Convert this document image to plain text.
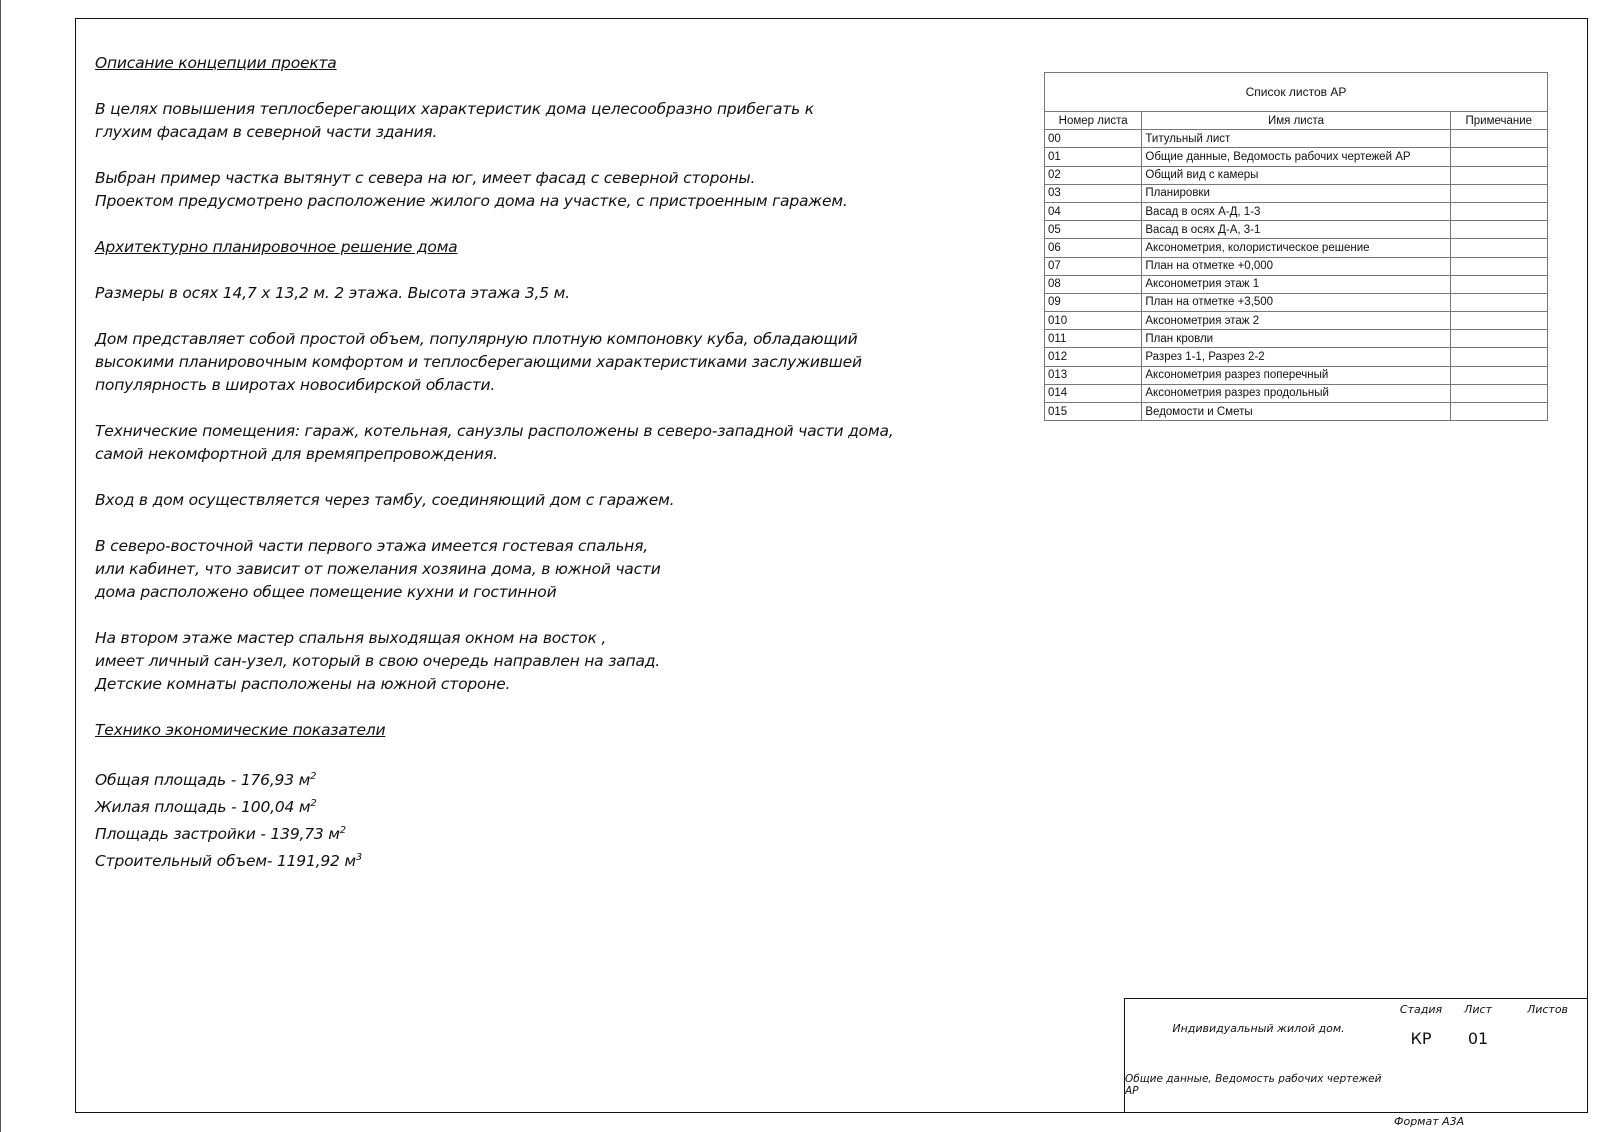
Описание концепции проекта

В целях повышения теплосберегающих характеристик дома целесообразно прибегать к

глухим фасадам в северной части здания.

Выбран пример частка вытянут с севера на юг, имеет фасад с северной стороны.

Проектом предусмотрено расположение жилого дома на участке, с пристроенным гаражем.

Архитектурно планировочное решение дома

Размеры в осях 14,7 х 13,2 м. 2 этажа. Высота этажа 3,5 м.

Дом представляет собой простой объем, популярную плотную компоновку куба, обладающий

высокими планировочным комфортом и теплосберегающими характеристиками заслужившей

популярность в широтах новосибирской области.

Технические помещения: гараж, котельная, санузлы расположены в северо-западной части дома,

самой некомфортной для времяпрепровождения.

Вход в дом осуществляется через тамбу, соединяющий дом с гаражем.

В северо-восточной части первого этажа имеется гостевая спальня,

или кабинет, что зависит от пожелания хозяина дома, в южной части

дома расположено общее помещение кухни и гостинной

На втором этаже мастер спальня выходящая окном на восток ,

имеет личный сан-узел, который в свою очередь направлен на запад.

Детские комнаты расположены на южной стороне.

Технико экономические показатели

Общая площадь - 176,93 $м^2$

Жилая площадь - 100,04 $м^2$

Площадь застройки - 139,73 $м^2$

Строительный объем- 1191,92 $м^3$

Список листов АР		
Номер листа	Имя листа	Примечание
00	Титульный лист	
01	Общие данные, Ведомость рабочих чертежей АР	
02	Общий вид с камеры	
03	Планировки	
04	Васад в осях А-Д, 1-3	
05	Васад в осях Д-А, 3-1	
06	Аксонометрия, колористическое решение	
07	План на отметке +0,000	
08	Аксонометрия этаж 1	
09	План на отметке +3,500	
010	Аксонометрия этаж 2	
011	План кровли	
012	Разрез 1-1, Разрез 2-2	
013	Аксонометрия разрез поперечный	
014	Аксонометрия разрез продольный	
015	Ведомости и Сметы	
Индивидуальный жилой дом.
Общие данные, Ведомость рабочих чертежей АР
Стадия	Лист	Листов
КР	01
Формат А3А
